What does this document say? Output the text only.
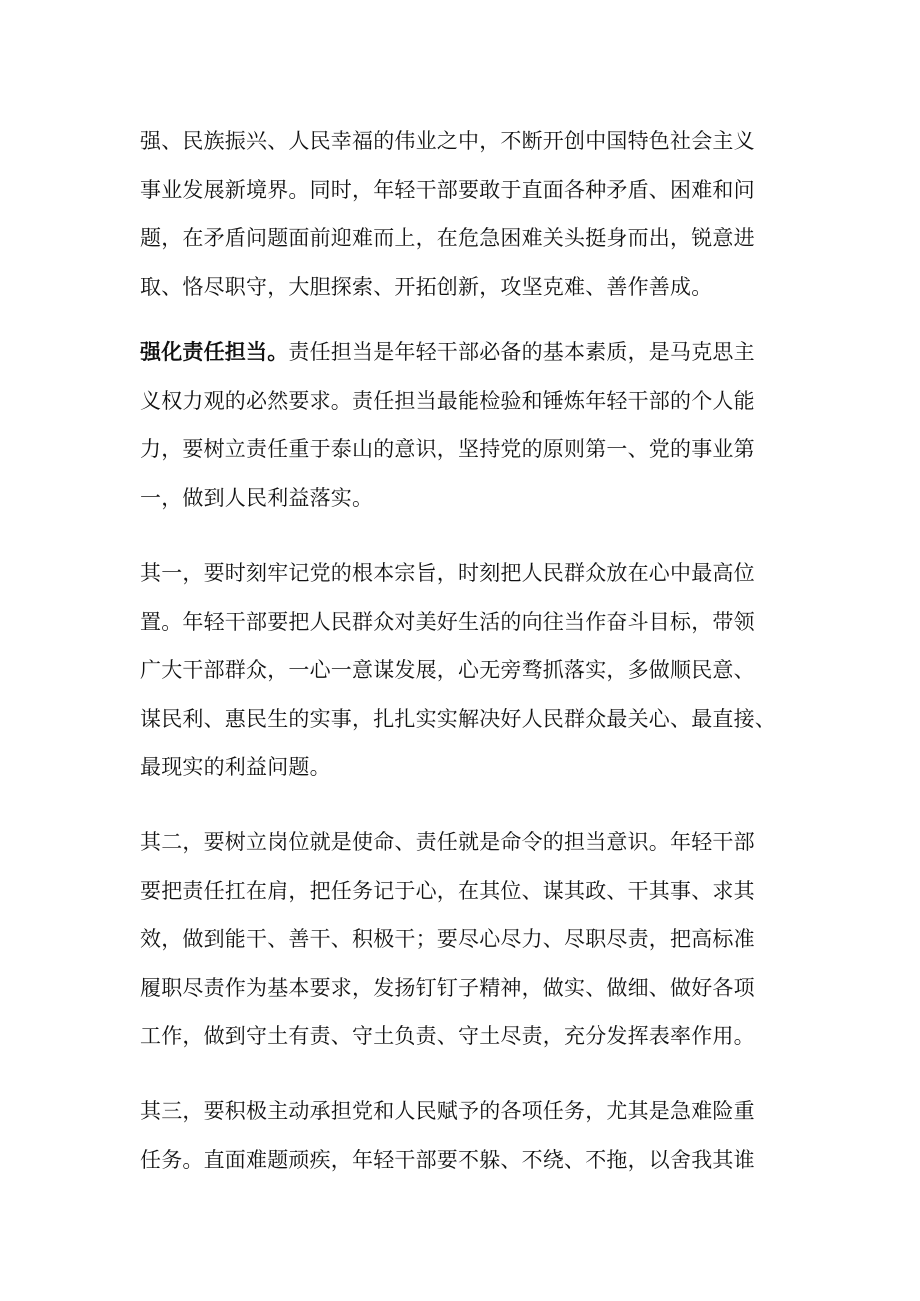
强、民族振兴、人民幸福的伟业之中，不断开创中国特色社会主义
事业发展新境界。同时，年轻干部要敢于直面各种矛盾、困难和问
题，在矛盾问题面前迎难而上，在危急困难关头挺身而出，锐意进
取、恪尽职守，大胆探索、开拓创新，攻坚克难、善作善成。

强化责任担当。责任担当是年轻干部必备的基本素质，是马克思主
义权力观的必然要求。责任担当最能检验和锤炼年轻干部的个人能
力，要树立责任重于泰山的意识，坚持党的原则第一、党的事业第
一，做到人民利益落实。

其一，要时刻牢记党的根本宗旨，时刻把人民群众放在心中最高位
置。年轻干部要把人民群众对美好生活的向往当作奋斗目标，带领
广大干部群众，一心一意谋发展，心无旁骛抓落实，多做顺民意、
谋民利、惠民生的实事，扎扎实实解决好人民群众最关心、最直接、
最现实的利益问题。

其二，要树立岗位就是使命、责任就是命令的担当意识。年轻干部
要把责任扛在肩，把任务记于心，在其位、谋其政、干其事、求其
效，做到能干、善干、积极干；要尽心尽力、尽职尽责，把高标准
履职尽责作为基本要求，发扬钉钉子精神，做实、做细、做好各项
工作，做到守土有责、守土负责、守土尽责，充分发挥表率作用。

其三，要积极主动承担党和人民赋予的各项任务，尤其是急难险重
任务。直面难题顽疾，年轻干部要不躲、不绕、不拖，以舍我其谁
